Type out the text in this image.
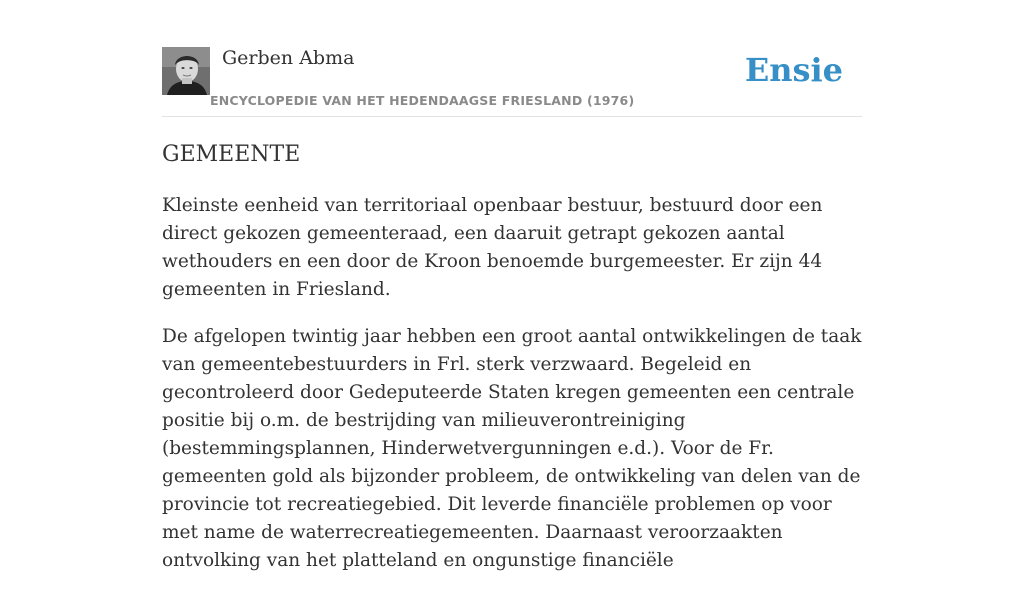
Gerben Abma
ENCYCLOPEDIE VAN HET HEDENDAAGSE FRIESLAND (1976)
Ensie
GEMEENTE

Kleinste eenheid van territoriaal openbaar bestuur, bestuurd door een direct gekozen gemeenteraad, een daaruit getrapt gekozen aantal wethouders en een door de Kroon benoemde burgemeester. Er zijn 44 gemeenten in Friesland.

De afgelopen twintig jaar hebben een groot aantal ontwikkelingen de taak van gemeentebestuurders in Frl. sterk verzwaard. Begeleid en gecontroleerd door Gedeputeerde Staten kregen gemeenten een centrale positie bij o.m. de bestrijding van milieuverontreiniging (bestemmingsplannen, Hinderwetvergunningen e.d.). Voor de Fr. gemeenten gold als bijzonder probleem, de ontwikkeling van delen van de provincie tot recreatiegebied. Dit leverde financiële problemen op voor met name de waterrecreatiegemeenten. Daarnaast veroorzaakten ontvolking van het platteland en ongunstige financiële
